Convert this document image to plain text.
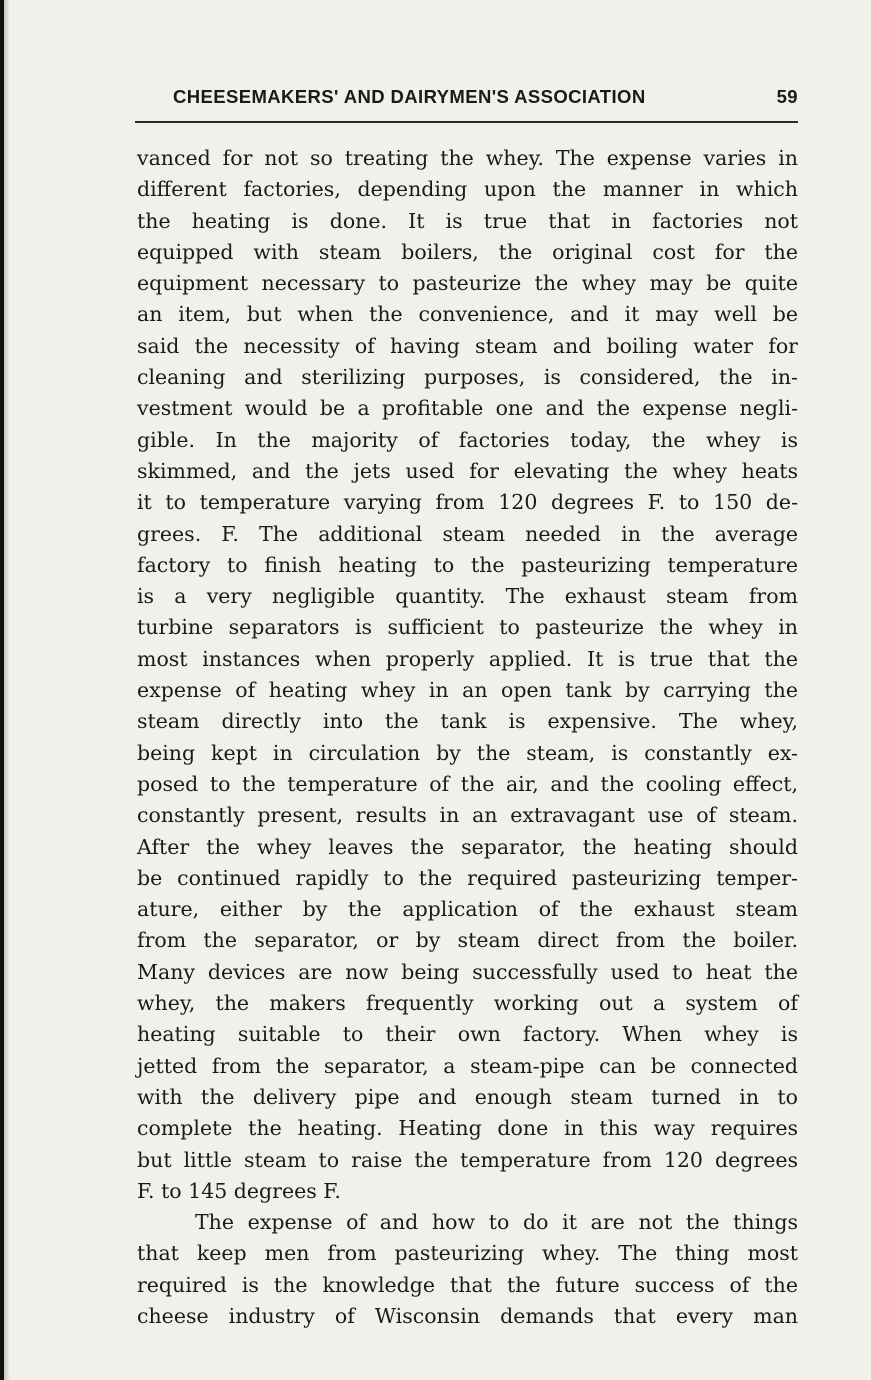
CHEESEMAKERS' AND DAIRYMEN'S ASSOCIATION	59
vanced for not so treating the whey. The expense varies in
different factories, depending upon the manner in which
the heating is done. It is true that in factories not
equipped with steam boilers, the original cost for the
equipment necessary to pasteurize the whey may be quite
an item, but when the convenience, and it may well be
said the necessity of having steam and boiling water for
cleaning and sterilizing purposes, is considered, the in-
vestment would be a profitable one and the expense negli-
gible. In the majority of factories today, the whey is
skimmed, and the jets used for elevating the whey heats
it to temperature varying from 120 degrees F. to 150 de-
grees. F. The additional steam needed in the average
factory to finish heating to the pasteurizing temperature
is a very negligible quantity. The exhaust steam from
turbine separators is sufficient to pasteurize the whey in
most instances when properly applied. It is true that the
expense of heating whey in an open tank by carrying the
steam directly into the tank is expensive. The whey,
being kept in circulation by the steam, is constantly ex-
posed to the temperature of the air, and the cooling effect,
constantly present, results in an extravagant use of steam.
After the whey leaves the separator, the heating should
be continued rapidly to the required pasteurizing temper-
ature, either by the application of the exhaust steam
from the separator, or by steam direct from the boiler.
Many devices are now being successfully used to heat the
whey, the makers frequently working out a system of
heating suitable to their own factory. When whey is
jetted from the separator, a steam-pipe can be connected
with the delivery pipe and enough steam turned in to
complete the heating. Heating done in this way requires
but little steam to raise the temperature from 120 degrees
F. to 145 degrees F.
The expense of and how to do it are not the things
that keep men from pasteurizing whey. The thing most
required is the knowledge that the future success of the
cheese industry of Wisconsin demands that every man
